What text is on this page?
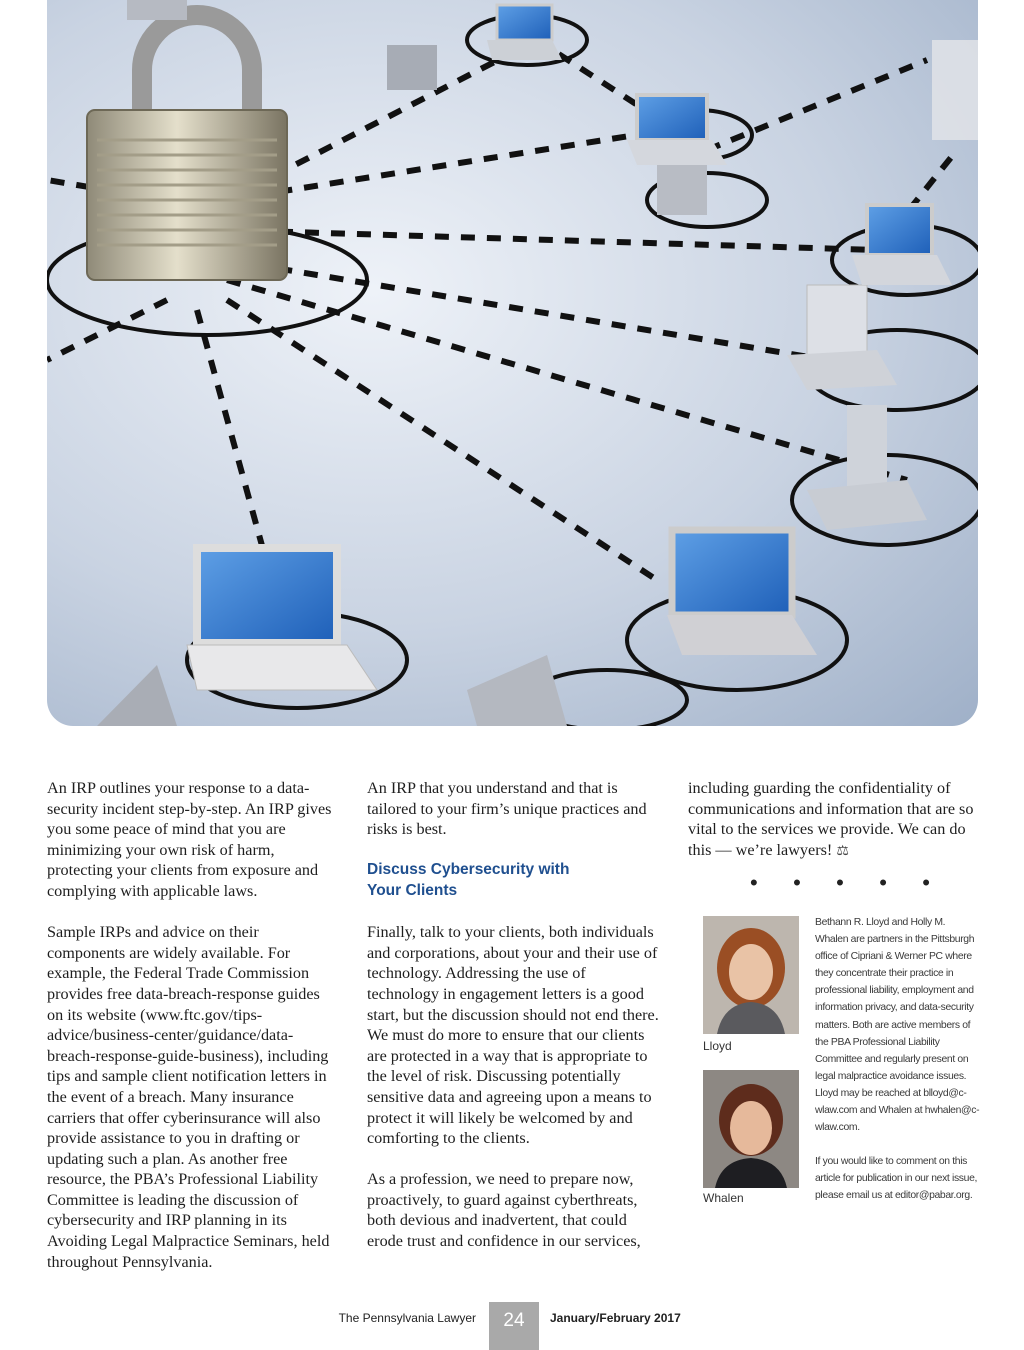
An IRP outlines your response to a data-security incident step-by-step. An IRP gives you some peace of mind that you are minimizing your own risk of harm, protecting your clients from exposure and complying with applicable laws.

Sample IRPs and advice on their components are widely available. For example, the Federal Trade Commission provides free data-breach-response guides on its website (www.ftc.gov/tips-advice/business-center/guidance/data-breach-response-guide-business), including tips and sample client notification letters in the event of a breach. Many insurance carriers that offer cyberinsurance will also provide assistance to you in drafting or updating such a plan. As another free resource, the PBA’s Professional Liability Committee is leading the discussion of cybersecurity and IRP planning in its Avoiding Legal Malpractice Seminars, held throughout Pennsylvania.

An IRP that you understand and that is tailored to your firm’s unique practices and risks is best.

Discuss Cybersecurity with
Your Clients

Finally, talk to your clients, both individuals and corporations, about your and their use of technology. Addressing the use of technology in engagement letters is a good start, but the discussion should not end there. We must do more to ensure that our clients are protected in a way that is appropriate to the level of risk. Discussing potentially sensitive data and agreeing upon a means to protect it will likely be welcomed by and comforting to the clients.

As a profession, we need to prepare now, proactively, to guard against cyberthreats, both devious and inadvertent, that could erode trust and confidence in our services,

including guarding the confidentiality of communications and information that are so vital to the services we provide. We can do this — we’re lawyers! ⚖

• • • • •
Lloyd
Whalen

Bethann R. Lloyd and Holly M. Whalen are partners in the Pittsburgh office of Cipriani & Werner PC where they concentrate their practice in professional liability, employment and information privacy, and data-security matters. Both are active members of the PBA Professional Liability Committee and regularly present on legal malpractice avoidance issues. Lloyd may be reached at blloyd@c-wlaw.com and Whalen at hwhalen@c-wlaw.com.

If you would like to comment on this article for publication in our next issue, please email us at editor@pabar.org.

The Pennsylvania Lawyer	24	January/February 2017
